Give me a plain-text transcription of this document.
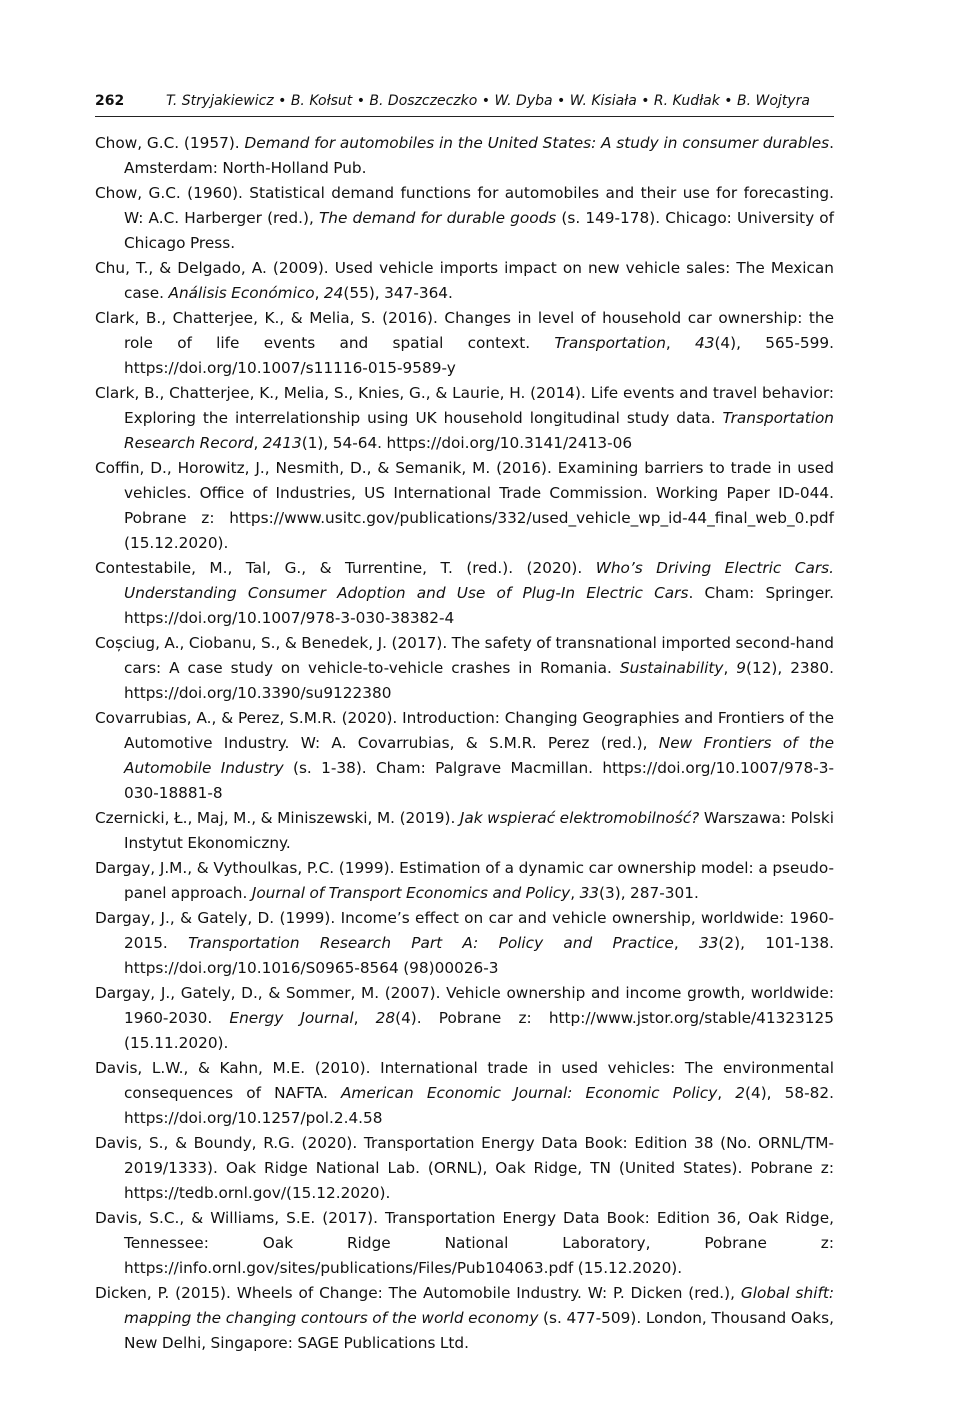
262	T. Stryjakiewicz • B. Kołsut • B. Doszczeczko • W. Dyba • W. Kisiała • R. Kudłak • B. Wojtyra
Chow, G.C. (1957). Demand for automobiles in the United States: A study in consumer durables. Amsterdam: North-Holland Pub.
Chow, G.C. (1960). Statistical demand functions for automobiles and their use for forecasting. W: A.C. Harberger (red.), The demand for durable goods (s. 149-178). Chicago: University of Chicago Press.
Chu, T., & Delgado, A. (2009). Used vehicle imports impact on new vehicle sales: The Mexican case. Análisis Económico, 24(55), 347-364.
Clark, B., Chatterjee, K., & Melia, S. (2016). Changes in level of household car ownership: the role of life events and spatial context. Transportation, 43(4), 565-599. https://doi.org/10.1007/s11116-015-9589-y
Clark, B., Chatterjee, K., Melia, S., Knies, G., & Laurie, H. (2014). Life events and travel behavior: Exploring the interrelationship using UK household longitudinal study data. Transportation Research Record, 2413(1), 54-64. https://doi.org/10.3141/2413-06
Coffin, D., Horowitz, J., Nesmith, D., & Semanik, M. (2016). Examining barriers to trade in used vehicles. Office of Industries, US International Trade Commission. Working Paper ID-044. Pobrane z: https://www.usitc.gov/publications/332/used_vehicle_wp_id-44_final_web_0.pdf (15.12.2020).
Contestabile, M., Tal, G., & Turrentine, T. (red.). (2020). Who’s Driving Electric Cars. Understanding Consumer Adoption and Use of Plug-In Electric Cars. Cham: Springer. https://doi.org/10.1007/978-3-030-38382-4
Coșciug, A., Ciobanu, S., & Benedek, J. (2017). The safety of transnational imported second-hand cars: A case study on vehicle-to-vehicle crashes in Romania. Sustainability, 9(12), 2380. https://doi.org/10.3390/su9122380
Covarrubias, A., & Perez, S.M.R. (2020). Introduction: Changing Geographies and Frontiers of the Automotive Industry. W: A. Covarrubias, & S.M.R. Perez (red.), New Frontiers of the Automobile Industry (s. 1-38). Cham: Palgrave Macmillan. https://doi.org/10.1007/978-3-030-18881-8
Czernicki, Ł., Maj, M., & Miniszewski, M. (2019). Jak wspierać elektromobilność? Warszawa: Polski Instytut Ekonomiczny.
Dargay, J.M., & Vythoulkas, P.C. (1999). Estimation of a dynamic car ownership model: a pseudo-panel approach. Journal of Transport Economics and Policy, 33(3), 287-301.
Dargay, J., & Gately, D. (1999). Income’s effect on car and vehicle ownership, worldwide: 1960-2015. Transportation Research Part A: Policy and Practice, 33(2), 101-138. https://doi.org/10.1016/S0965-8564 (98)00026-3
Dargay, J., Gately, D., & Sommer, M. (2007). Vehicle ownership and income growth, worldwide: 1960-2030. Energy Journal, 28(4). Pobrane z: http://www.jstor.org/stable/41323125 (15.11.2020).
Davis, L.W., & Kahn, M.E. (2010). International trade in used vehicles: The environmental consequences of NAFTA. American Economic Journal: Economic Policy, 2(4), 58-82. https://doi.org/10.1257/pol.2.4.58
Davis, S., & Boundy, R.G. (2020). Transportation Energy Data Book: Edition 38 (No. ORNL/TM-2019/1333). Oak Ridge National Lab. (ORNL), Oak Ridge, TN (United States). Pobrane z: https://tedb.ornl.gov/(15.12.2020).
Davis, S.C., & Williams, S.E. (2017). Transportation Energy Data Book: Edition 36, Oak Ridge, Tennessee: Oak Ridge National Laboratory, Pobrane z: https://info.ornl.gov/sites/publications/Files/Pub104063.pdf (15.12.2020).
Dicken, P. (2015). Wheels of Change: The Automobile Industry. W: P. Dicken (red.), Global shift: mapping the changing contours of the world economy (s. 477-509). London, Thousand Oaks, New Delhi, Singapore: SAGE Publications Ltd.
